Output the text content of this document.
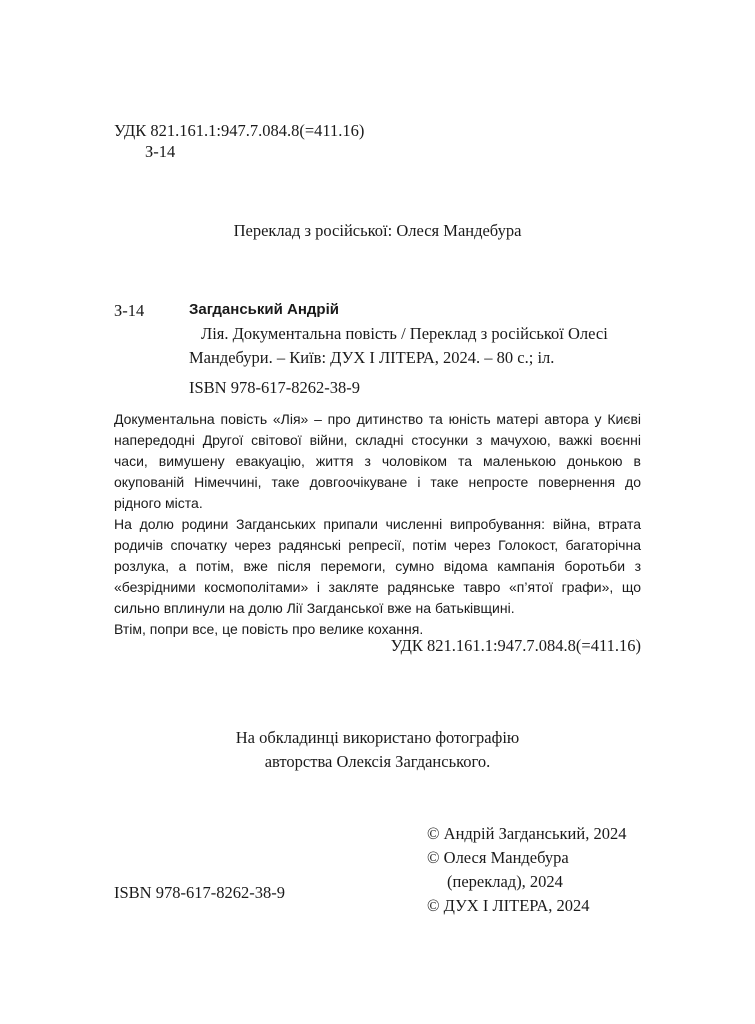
УДК 821.161.1:947.7.084.8(=411.16)
З-14
Переклад з російської: Олеся Мандебура
З-14	Загданський Андрій
Лія. Документальна повість / Переклад з російської Олесі
Мандебури. – Київ: ДУХ І ЛІТЕРА, 2024. – 80 с.; іл.
ISBN 978-617-8262-38-9

Документальна повість «Лія» – про дитинство та юність матері автора у Києві напередодні Другої світової війни, складні стосунки з мачухою, важкі воєнні часи, вимушену евакуацію, життя з чоловіком та маленькою донькою в окупованій Німеччині, таке довгоочікуване і таке непросте повернення до рідного міста.

На долю родини Загданських припали численні випробування: війна, втрата родичів спочатку через радянські репресії, потім через Голокост, багаторічна розлука, а потім, вже після перемоги, сумно відома кампанія боротьби з «безрідними космополітами» і закляте радянське тавро «п’ятої графи», що сильно вплинули на долю Лії Загданської вже на батьківщині.

Втім, попри все, це повість про велике кохання.

УДК 821.161.1:947.7.084.8(=411.16)
На обкладинці використано фотографію
авторства Олексія Загданського.
© Андрій Загданський, 2024
© Олеся Мандебура
(переклад), 2024
© ДУХ І ЛІТЕРА, 2024
ISBN 978-617-8262-38-9
